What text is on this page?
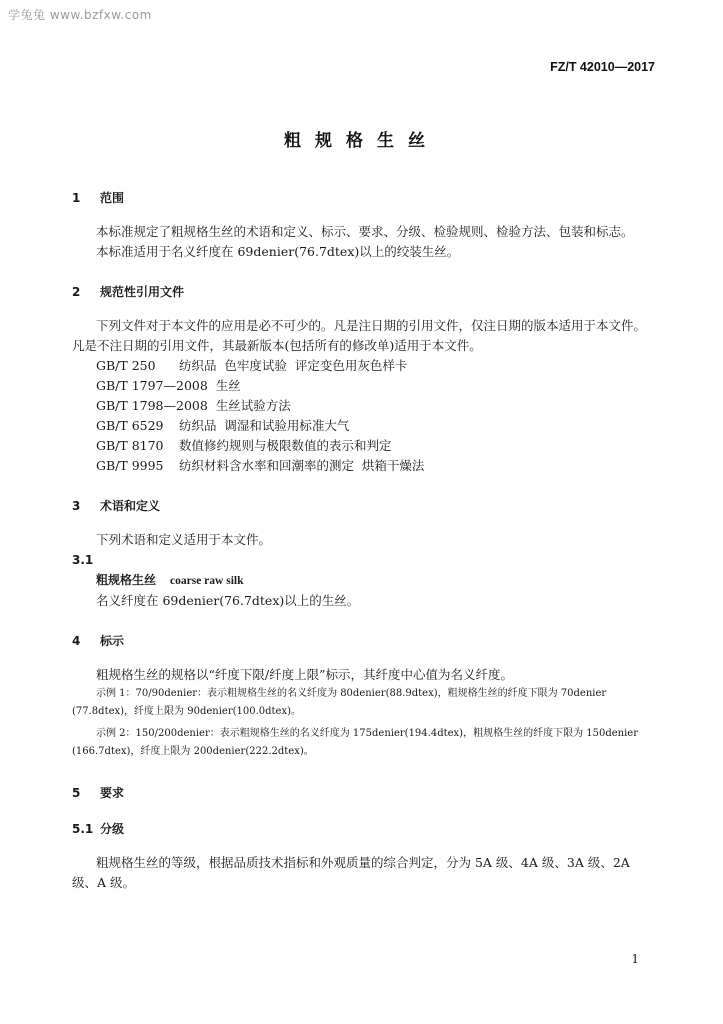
学兔兔 www.bzfxw.com
FZ/T 42010—2017
粗规格生丝
1	范围
本标准规定了粗规格生丝的术语和定义、标示、要求、分级、检验规则、检验方法、包装和标志。
本标准适用于名义纤度在 69denier(76.7dtex)以上的绞装生丝。
2	规范性引用文件
下列文件对于本文件的应用是必不可少的。凡是注日期的引用文件，仅注日期的版本适用于本文件。凡是不注日期的引用文件，其最新版本(包括所有的修改单)适用于本文件。
GB/T 250 纺织品  色牢度试验  评定变色用灰色样卡
GB/T 1797—2008 生丝
GB/T 1798—2008 生丝试验方法
GB/T 6529 纺织品  调湿和试验用标准大气
GB/T 8170 数值修约规则与极限数值的表示和判定
GB/T 9995 纺织材料含水率和回潮率的测定  烘箱干燥法
3	术语和定义
下列术语和定义适用于本文件。
3.1
粗规格生丝 coarse raw silk
名义纤度在 69denier(76.7dtex)以上的生丝。
4	标示
粗规格生丝的规格以“纤度下限/纤度上限”标示，其纤度中心值为名义纤度。
示例 1：70/90denier：表示粗规格生丝的名义纤度为 80denier(88.9dtex)，粗规格生丝的纤度下限为 70denier (77.8dtex)，纤度上限为 90denier(100.0dtex)。
示例 2：150/200denier：表示粗规格生丝的名义纤度为 175denier(194.4dtex)，粗规格生丝的纤度下限为 150denier (166.7dtex)，纤度上限为 200denier(222.2dtex)。
5	要求
5.1 分级
粗规格生丝的等级，根据品质技术指标和外观质量的综合判定，分为 5A 级、4A 级、3A 级、2A 级、A 级。
1
